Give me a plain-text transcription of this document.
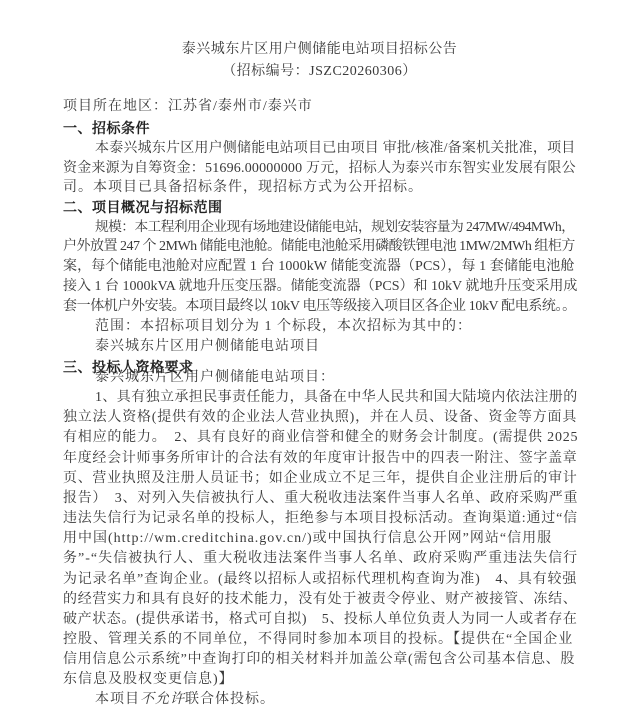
泰兴城东片区用户侧储能电站项目招标公告
（招标编号：JSZC20260306）
项目所在地区：江苏省/泰州市/泰兴市
一、招标条件
本泰兴城东片区用户侧储能电站项目已由项目 审批/核准/备案机关批准，项目
资金来源为自筹资金：51696.00000000 万元，招标人为泰兴市东智实业发展有限公
司。本项目已具备招标条件，现招标方式为公开招标。
二、项目概况与招标范围
规模：本工程利用企业现有场地建设储能电站，规划安装容量为 247MW/494MWh，
户外放置 247 个 2MWh 储能电池舱。储能电池舱采用磷酸铁锂电池 1MW/2MWh 组柜方
案，每个储能电池舱对应配置 1 台 1000kW 储能变流器（PCS），每 1 套储能电池舱
接入 1 台 1000kVA 就地升压变压器。储能变流器（PCS）和 10kV 就地升压变采用成
套一体机户外安装。本项目最终以 10kV 电压等级接入项目区各企业 10kV 配电系统。。
范围：本招标项目划分为 1 个标段，本次招标为其中的：
泰兴城东片区用户侧储能电站项目
三、投标人资格要求
泰兴城东片区用户侧储能电站项目：
1、具有独立承担民事责任能力，具备在中华人民共和国大陆境内依法注册的
独立法人资格(提供有效的企业法人营业执照)，并在人员、设备、资金等方面具
有相应的能力。　2、具有良好的商业信誉和健全的财务会计制度。(需提供 2025
年度经会计师事务所审计的合法有效的年度审计报告中的四表一附注、签字盖章
页、营业执照及注册人员证书；如企业成立不足三年，提供自企业注册后的审计
报告）　3、对列入失信被执行人、重大税收违法案件当事人名单、政府采购严重
违法失信行为记录名单的投标人，拒绝参与本项目投标活动。查询渠道:通过“信
用中国(http://wm.creditchina.gov.cn/)或中国执行信息公开网”网站“信用服
务”-“失信被执行人、重大税收违法案件当事人名单、政府采购严重违法失信行
为记录名单”查询企业。(最终以招标人或招标代理机构查询为准)　4、具有较强
的经营实力和具有良好的技术能力，没有处于被责令停业、财产被接管、冻结、
破产状态。(提供承诺书，格式可自拟)　5、投标人单位负责人为同一人或者存在
控股、管理关系的不同单位，不得同时参加本项目的投标。【提供在“全国企业
信用信息公示系统”中查询打印的相关材料并加盖公章(需包含公司基本信息、股
东信息及股权变更信息)】
本项目不允许联合体投标。
